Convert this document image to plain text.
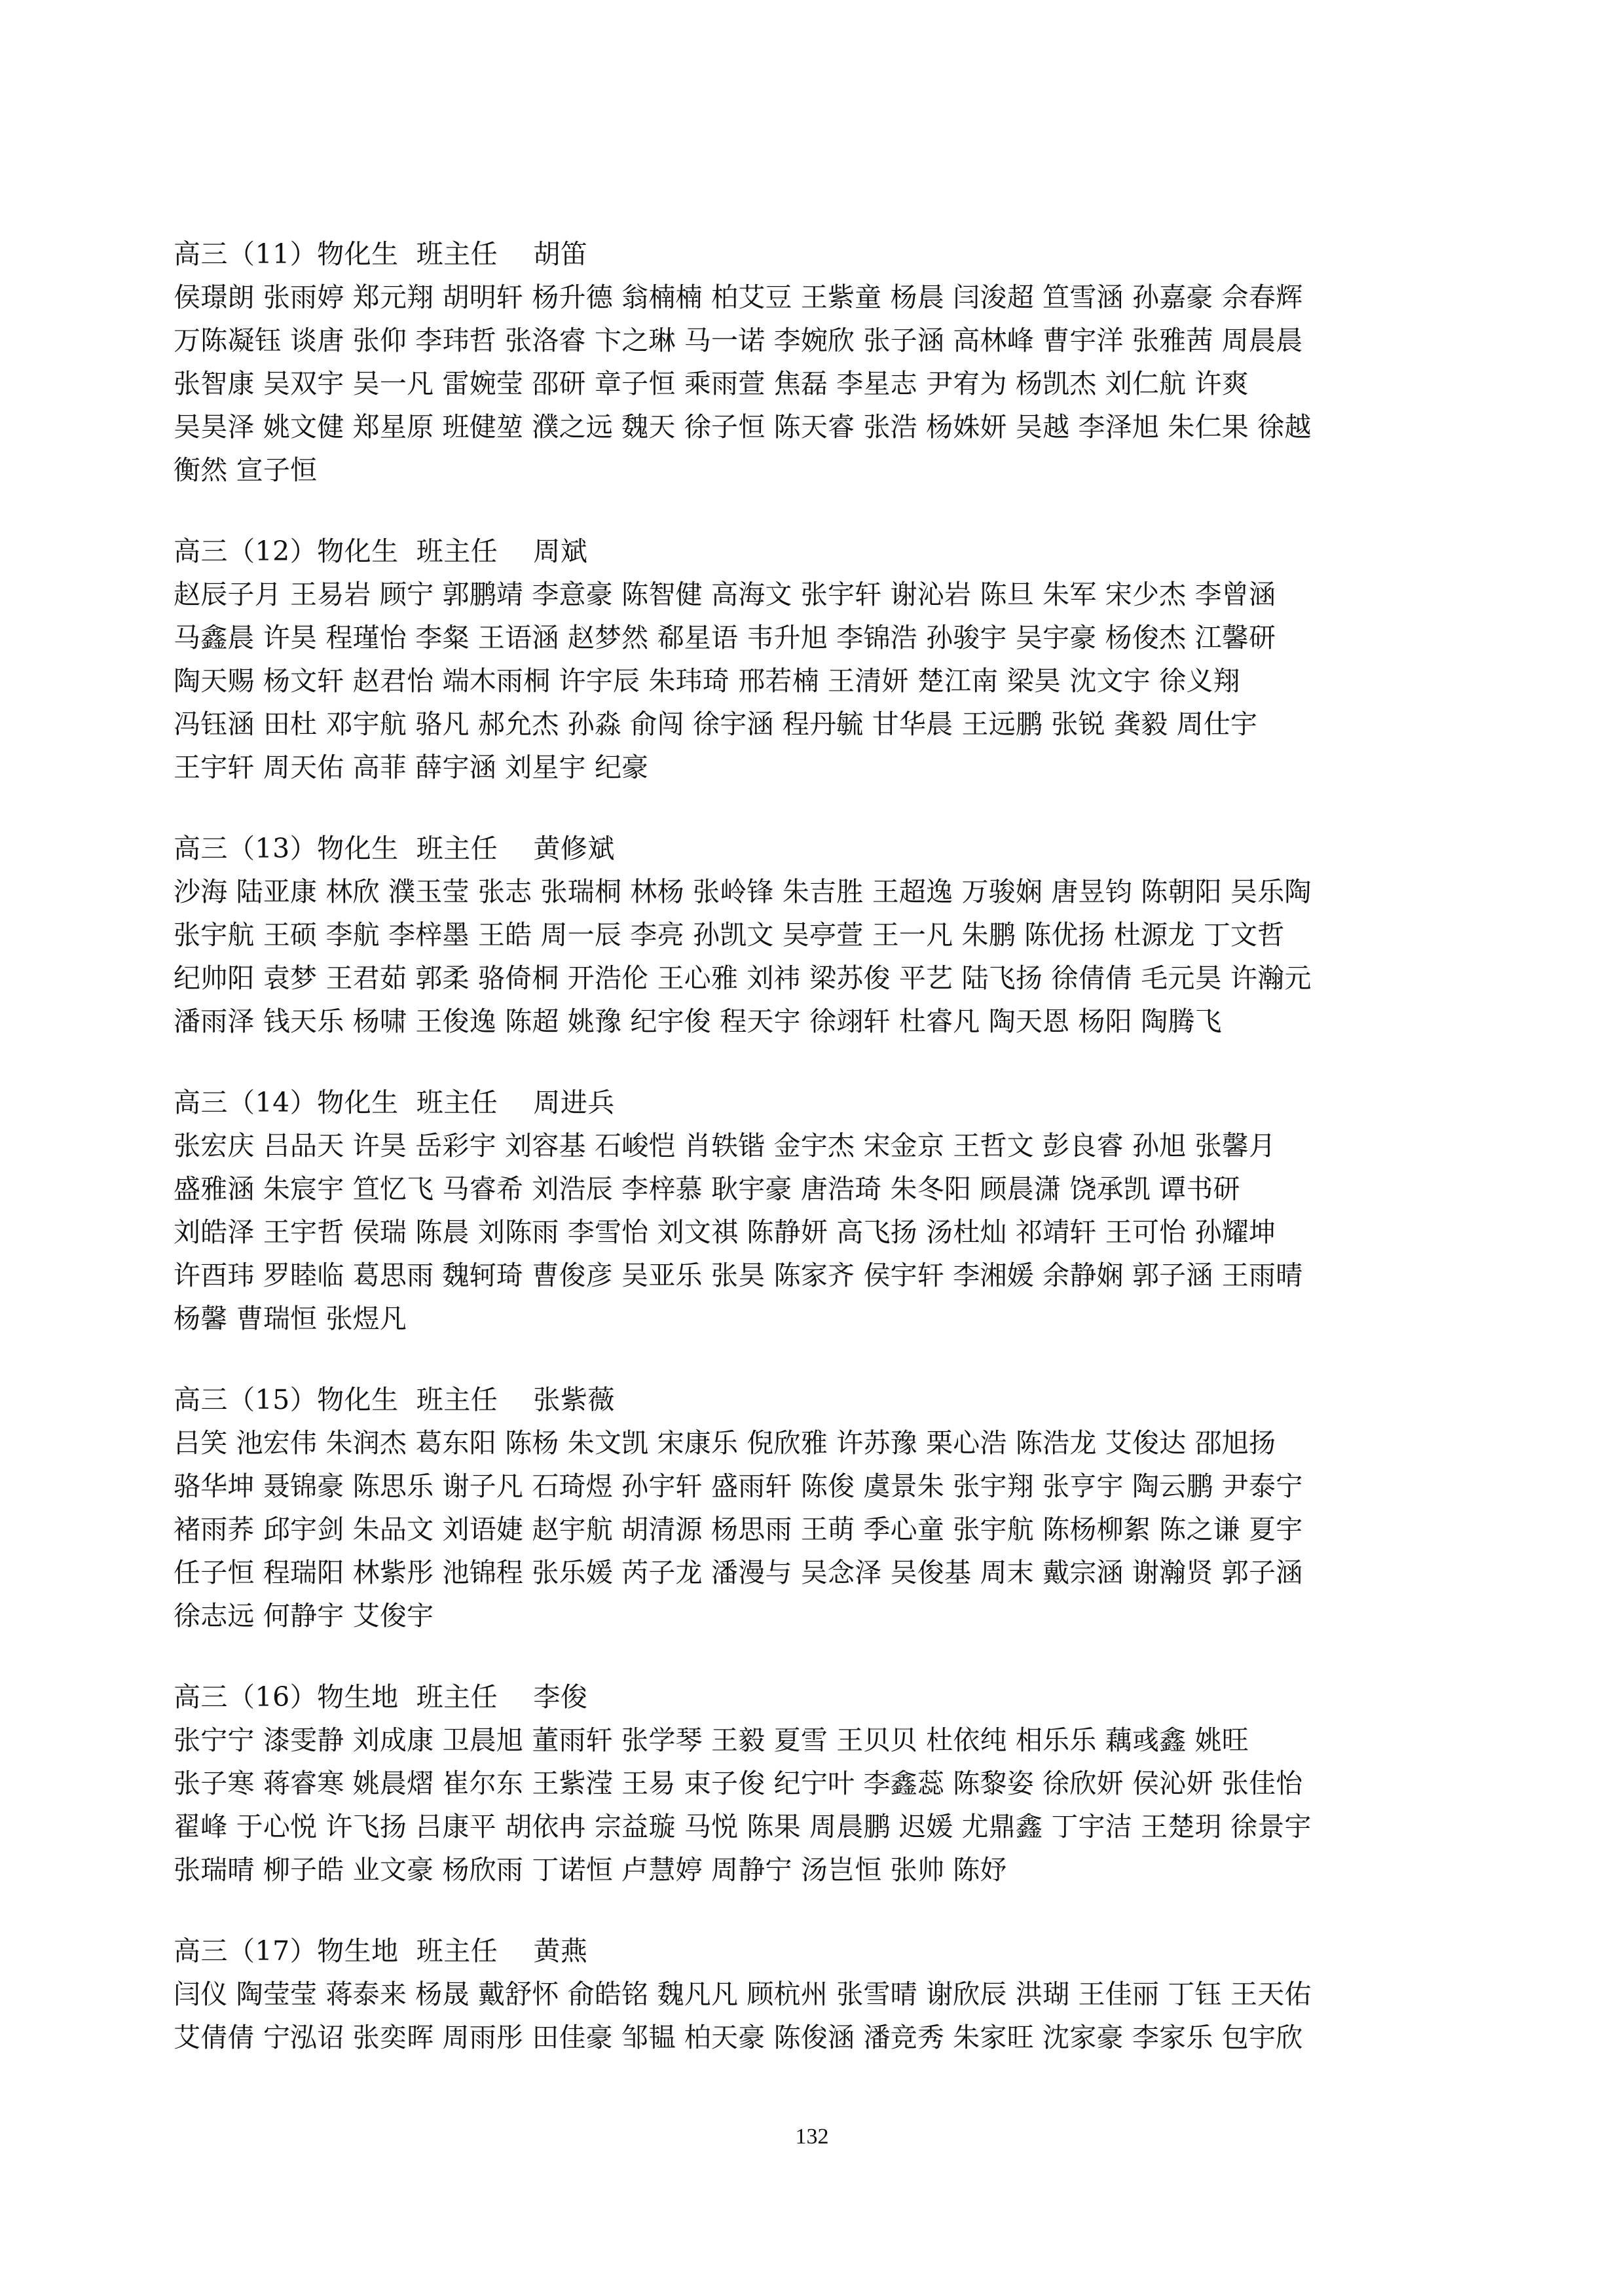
高三（11）物化生  班主任    胡笛
侯璟朗 张雨婷 郑元翔 胡明轩 杨升德 翁楠楠 柏艾豆 王紫童 杨晨 闫浚超 笪雪涵 孙嘉豪 佘春辉
万陈凝钰 谈唐 张仰 李玮哲 张洛睿 卞之琳 马一诺 李婉欣 张子涵 高林峰 曹宇洋 张雅茜 周晨晨
张智康 吴双宇 吴一凡 雷婉莹 邵研 章子恒 乘雨萱 焦磊 李星志 尹宥为 杨凯杰 刘仁航 许爽
吴昊泽 姚文健 郑星原 班健堃 濮之远 魏天 徐子恒 陈天睿 张浩 杨姝妍 吴越 李泽旭 朱仁果 徐越
衡然 宣子恒
高三（12）物化生  班主任    周斌
赵辰子月 王易岩 顾宁 郭鹏靖 李意豪 陈智健 高海文 张宇轩 谢沁岩 陈旦 朱军 宋少杰 李曾涵
马鑫晨 许昊 程瑾怡 李粲 王语涵 赵梦然 郗星语 韦升旭 李锦浩 孙骏宇 吴宇豪 杨俊杰 江馨研
陶天赐 杨文轩 赵君怡 端木雨桐 许宇辰 朱玮琦 邢若楠 王清妍 楚江南 梁昊 沈文宇 徐义翔
冯钰涵 田杜 邓宇航 骆凡 郝允杰 孙淼 俞闯 徐宇涵 程丹毓 甘华晨 王远鹏 张锐 龚毅 周仕宇
王宇轩 周天佑 高菲 薛宇涵 刘星宇 纪豪
高三（13）物化生  班主任    黄修斌
沙海 陆亚康 林欣 濮玉莹 张志 张瑞桐 林杨 张岭锋 朱吉胜 王超逸 万骏娴 唐昱钧 陈朝阳 吴乐陶
张宇航 王硕 李航 李梓墨 王皓 周一辰 李亮 孙凯文 吴亭萱 王一凡 朱鹏 陈优扬 杜源龙 丁文哲
纪帅阳 袁梦 王君茹 郭柔 骆倚桐 开浩伦 王心雅 刘祎 梁苏俊 平艺 陆飞扬 徐倩倩 毛元昊 许瀚元
潘雨泽 钱天乐 杨啸 王俊逸 陈超 姚豫 纪宇俊 程天宇 徐翊轩 杜睿凡 陶天恩 杨阳 陶腾飞
高三（14）物化生  班主任    周进兵
张宏庆 吕品天 许昊 岳彩宇 刘容基 石峻恺 肖轶锴 金宇杰 宋金京 王哲文 彭良睿 孙旭 张馨月
盛雅涵 朱宸宇 笪忆飞 马睿希 刘浩辰 李梓慕 耿宇豪 唐浩琦 朱冬阳 顾晨潇 饶承凯 谭书研
刘皓泽 王宇哲 侯瑞 陈晨 刘陈雨 李雪怡 刘文祺 陈静妍 高飞扬 汤杜灿 祁靖轩 王可怡 孙耀坤
许酉玮 罗睦临 葛思雨 魏轲琦 曹俊彦 吴亚乐 张昊 陈家齐 侯宇轩 李湘媛 余静娴 郭子涵 王雨晴
杨馨 曹瑞恒 张煜凡
高三（15）物化生  班主任    张紫薇
吕笑 池宏伟 朱润杰 葛东阳 陈杨 朱文凯 宋康乐 倪欣雅 许苏豫 栗心浩 陈浩龙 艾俊达 邵旭扬
骆华坤 聂锦豪 陈思乐 谢子凡 石琦煜 孙宇轩 盛雨轩 陈俊 虞景朱 张宇翔 张亨宇 陶云鹏 尹泰宁
褚雨荞 邱宇剑 朱品文 刘语婕 赵宇航 胡清源 杨思雨 王萌 季心童 张宇航 陈杨柳絮 陈之谦 夏宇
任子恒 程瑞阳 林紫彤 池锦程 张乐媛 芮子龙 潘漫与 吴念泽 吴俊基 周末 戴宗涵 谢瀚贤 郭子涵
徐志远 何静宇 艾俊宇
高三（16）物生地  班主任    李俊
张宁宁 漆雯静 刘成康 卫晨旭 董雨轩 张学琴 王毅 夏雪 王贝贝 杜依纯 相乐乐 藕彧鑫 姚旺
张子寒 蒋睿寒 姚晨熠 崔尔东 王紫滢 王易 束子俊 纪宁叶 李鑫蕊 陈黎姿 徐欣妍 侯沁妍 张佳怡
翟峰 于心悦 许飞扬 吕康平 胡依冉 宗益璇 马悦 陈果 周晨鹏 迟媛 尤鼎鑫 丁宇洁 王楚玥 徐景宇
张瑞晴 柳子皓 业文豪 杨欣雨 丁诺恒 卢慧婷 周静宁 汤岂恒 张帅 陈妤
高三（17）物生地  班主任    黄燕
闫仪 陶莹莹 蒋泰来 杨晟 戴舒怀 俞皓铭 魏凡凡 顾杭州 张雪晴 谢欣辰 洪瑚 王佳丽 丁钰 王天佑
艾倩倩 宁泓诏 张奕晖 周雨彤 田佳豪 邹韫 柏天豪 陈俊涵 潘竞秀 朱家旺 沈家豪 李家乐 包宇欣
132
